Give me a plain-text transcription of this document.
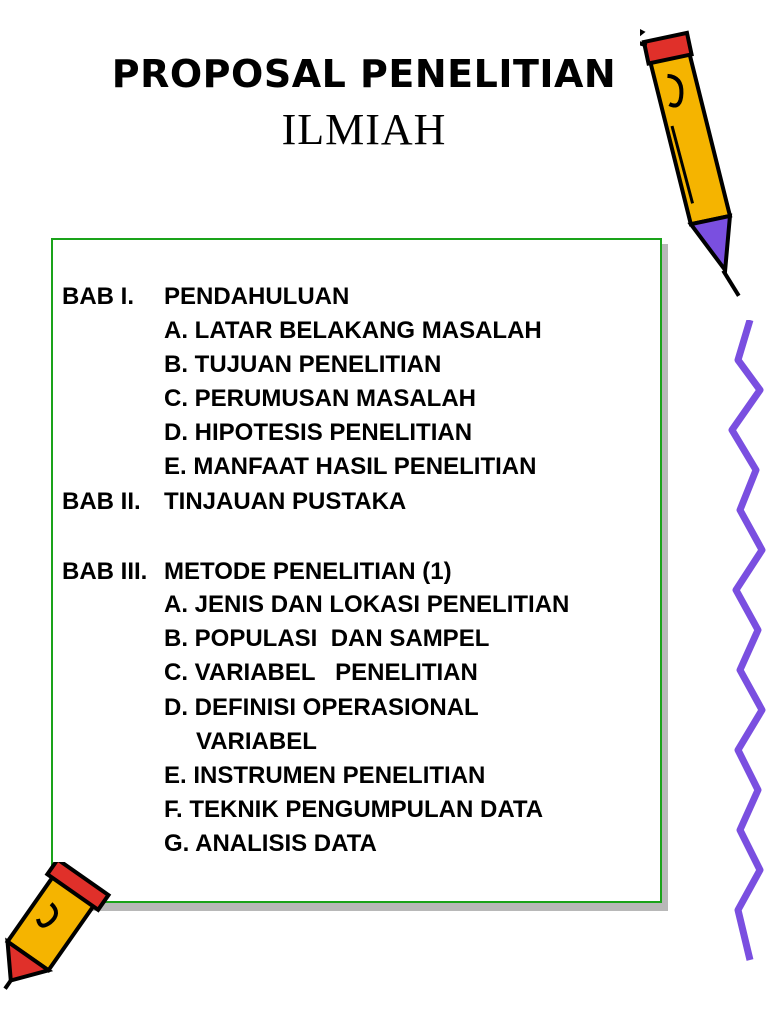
PROPOSAL PENELITIAN
ILMIAH
BAB I. PENDAHULUAN
A. LATAR BELAKANG MASALAH
B. TUJUAN PENELITIAN
C. PERUMUSAN MASALAH
D. HIPOTESIS PENELITIAN
E. MANFAAT HASIL PENELITIAN
BAB II. TINJAUAN PUSTAKA
BAB III. METODE PENELITIAN (1)
A. JENIS DAN LOKASI PENELITIAN
B. POPULASI  DAN SAMPEL
C. VARIABEL   PENELITIAN
D. DEFINISI OPERASIONAL
VARIABEL
E. INSTRUMEN PENELITIAN
F. TEKNIK PENGUMPULAN DATA
G. ANALISIS DATA
